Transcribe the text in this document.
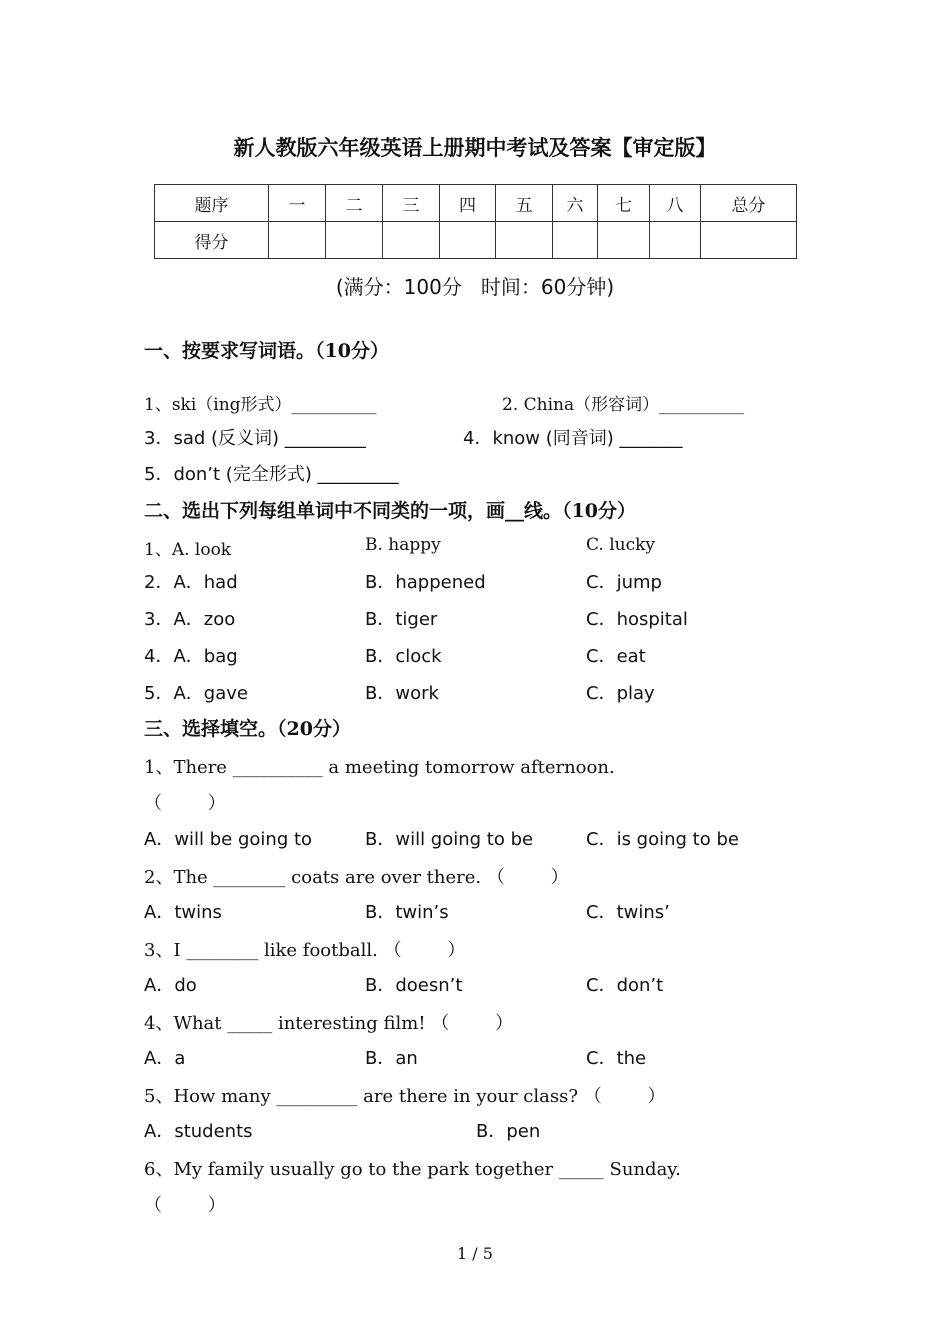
新人教版六年级英语上册期中考试及答案【审定版】
题序	一	二	三	四	五	六	七	八	总分
得分									
(满分：100分   时间：60分钟)
一、按要求写词语。（10分）
1、ski（ing形式）__________	2. China（形容词）__________
3．sad (反义词) _________	4．know (同音词) _______
5．don’t (完全形式) _________
二、选出下列每组单词中不同类的一项，画__线。（10分）
1、A. look	B. happy	C. lucky
2．A．had	B．happened	C．jump
3．A．zoo	B．tiger	C．hospital
4．A．bag	B．clock	C．eat
5．A．gave	B．work	C．play
三、选择填空。（20分）
1、There __________ a meeting tomorrow afternoon.
（        ）
A．will be going to	B．will going to be	C．is going to be
2、The ________ coats are over there. （        ）
A．twins	B．twin’s	C．twins’
3、I ________ like football. （        ）
A．do	B．doesn’t	C．don’t
4、What _____ interesting film! （        ）
A．a	B．an	C．the
5、How many _________ are there in your class? （        ）
A．students	B．pen
6、My family usually go to the park together _____ Sunday.
（        ）
1 / 5
